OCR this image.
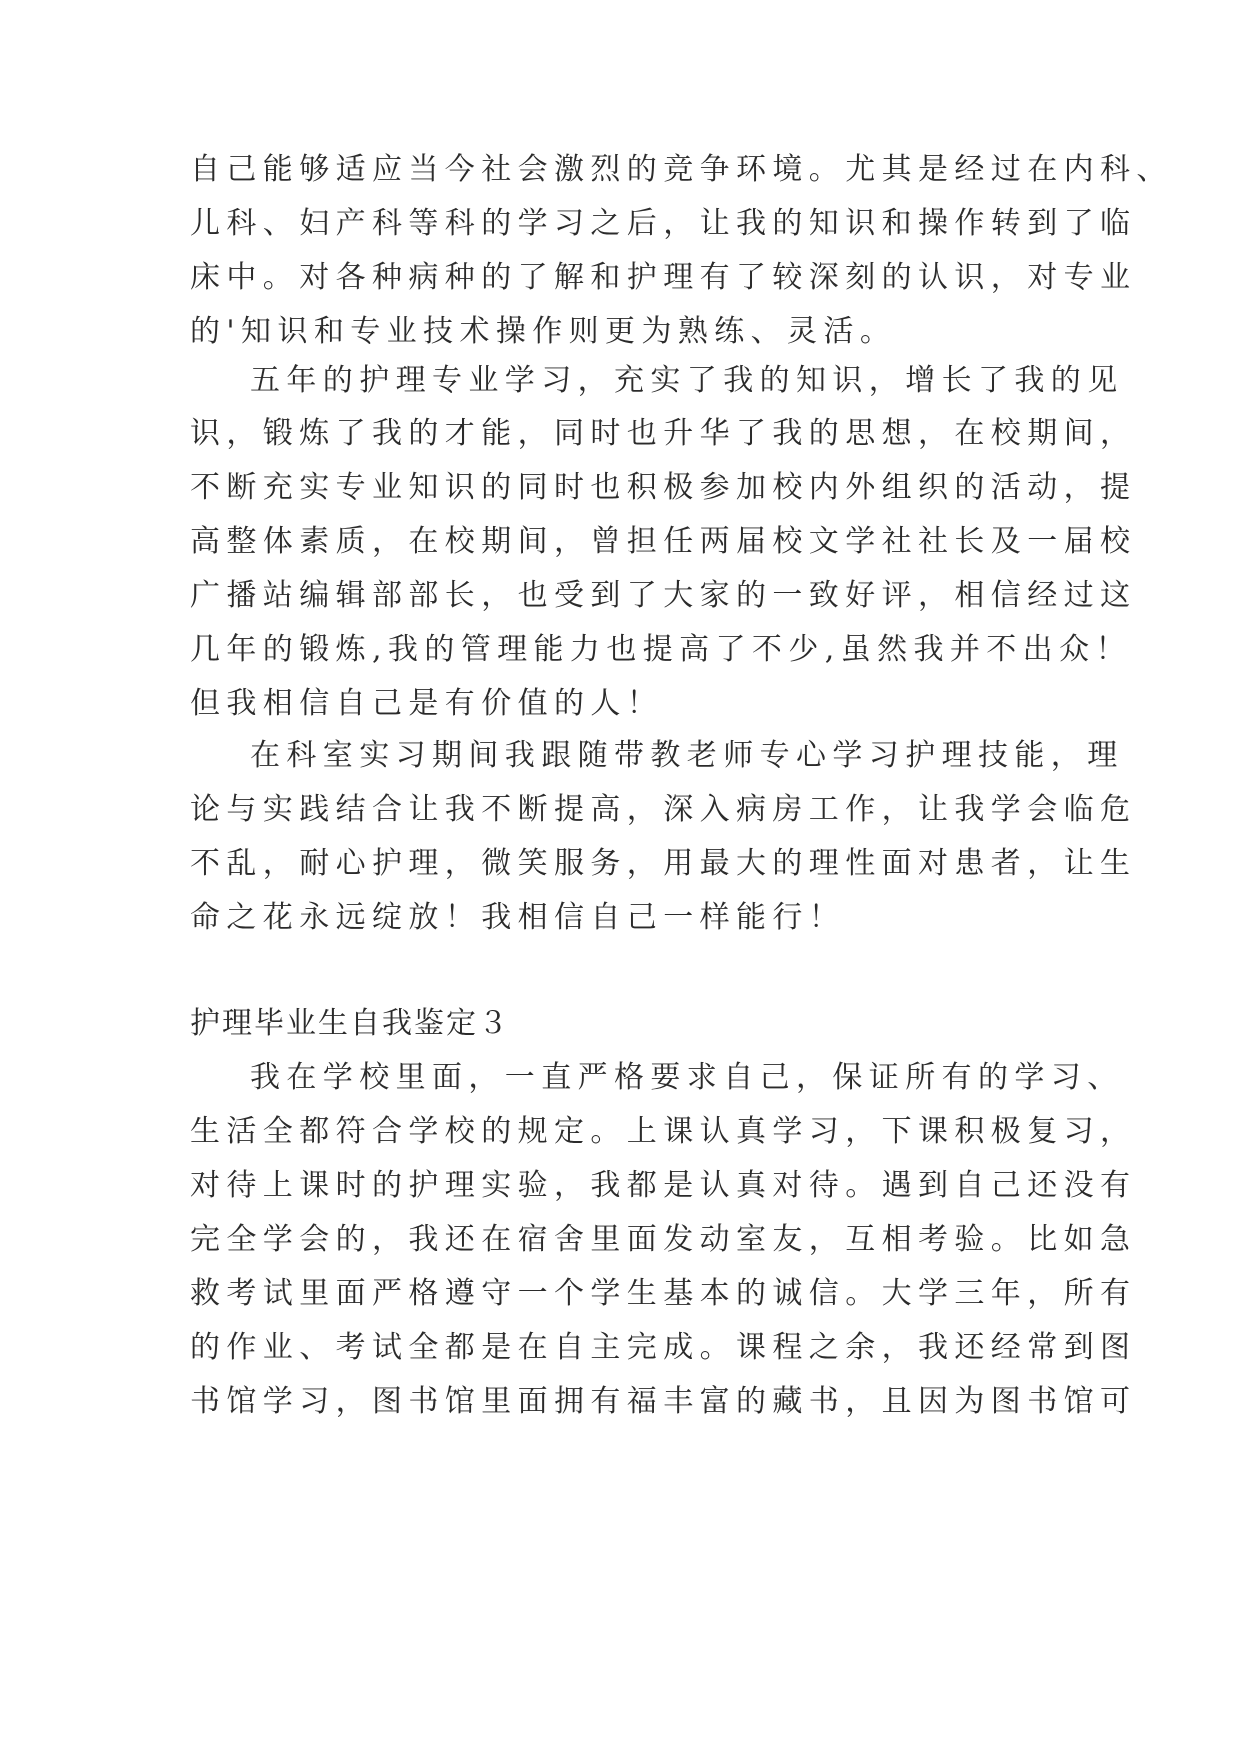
自己能够适应当今社会激烈的竞争环境。尤其是经过在内科、
儿科、妇产科等科的学习之后，让我的知识和操作转到了临
床中。对各种病种的了解和护理有了较深刻的认识，对专业
的'知识和专业技术操作则更为熟练、灵活。
五年的护理专业学习，充实了我的知识，增长了我的见
识，锻炼了我的才能，同时也升华了我的思想，在校期间，
不断充实专业知识的同时也积极参加校内外组织的活动，提
高整体素质，在校期间，曾担任两届校文学社社长及一届校
广播站编辑部部长，也受到了大家的一致好评，相信经过这
几年的锻炼,我的管理能力也提高了不少,虽然我并不出众！
但我相信自己是有价值的人！
在科室实习期间我跟随带教老师专心学习护理技能，理
论与实践结合让我不断提高，深入病房工作，让我学会临危
不乱，耐心护理，微笑服务，用最大的理性面对患者，让生
命之花永远绽放！我相信自己一样能行！
护理毕业生自我鉴定３
我在学校里面，一直严格要求自己，保证所有的学习、
生活全都符合学校的规定。上课认真学习，下课积极复习，
对待上课时的护理实验，我都是认真对待。遇到自己还没有
完全学会的，我还在宿舍里面发动室友，互相考验。比如急
救考试里面严格遵守一个学生基本的诚信。大学三年，所有
的作业、考试全都是在自主完成。课程之余，我还经常到图
书馆学习，图书馆里面拥有福丰富的藏书，且因为图书馆可
